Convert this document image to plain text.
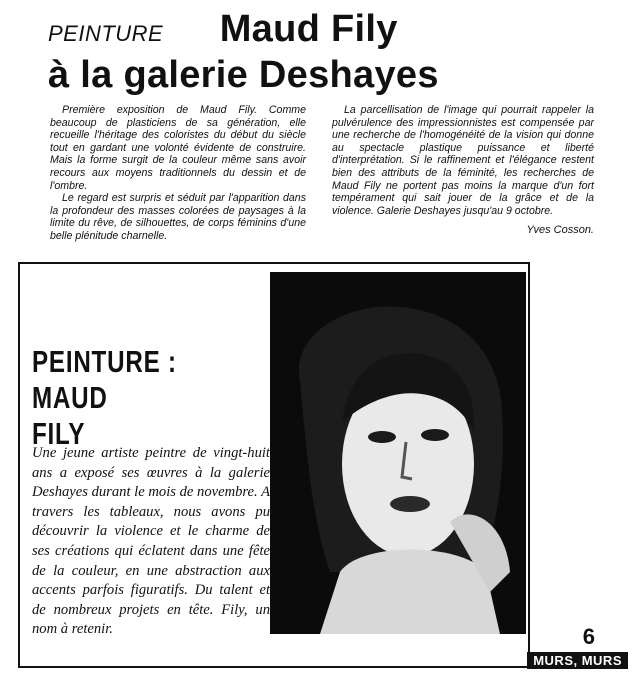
PEINTURE Maud Fily
à la galerie Deshayes

Première exposition de Maud Fily. Comme beaucoup de plasticiens de sa génération, elle recueille l'héritage des coloristes du début du siècle tout en gardant une volonté évidente de construire. Mais la forme surgit de la couleur même sans avoir recours aux moyens traditionnels du dessin et de l'ombre.

Le regard est surpris et séduit par l'apparition dans la profondeur des masses colorées de paysages à la limite du rêve, de silhouettes, de corps féminins d'une belle plénitude charnelle.

La parcellisation de l'image qui pourrait rappeler la pulvérulence des impressionnistes est compensée par une recherche de l'homogénéité de la vision qui donne au spectacle plastique puissance et liberté d'interprétation. Si le raffinement et l'élégance restent bien des attributs de la féminité, les recherches de Maud Fily ne portent pas moins la marque d'un fort tempérament qui sait jouer de la grâce et de la violence. Galerie Deshayes jusqu'au 9 octobre.

Yves Cosson.
PEINTURE : MAUD
FILY
Une jeune artiste peintre de vingt-huit ans a exposé ses œuvres à la galerie Deshayes durant le mois de novembre. A travers les tableaux, nous avons pu découvrir la violence et le charme de ses créations qui éclatent dans une fête de la couleur, en une abstraction aux accents parfois figuratifs. Du talent et de nombreux projets en tête. Fily, un nom à retenir.	6
MURS, MURS
